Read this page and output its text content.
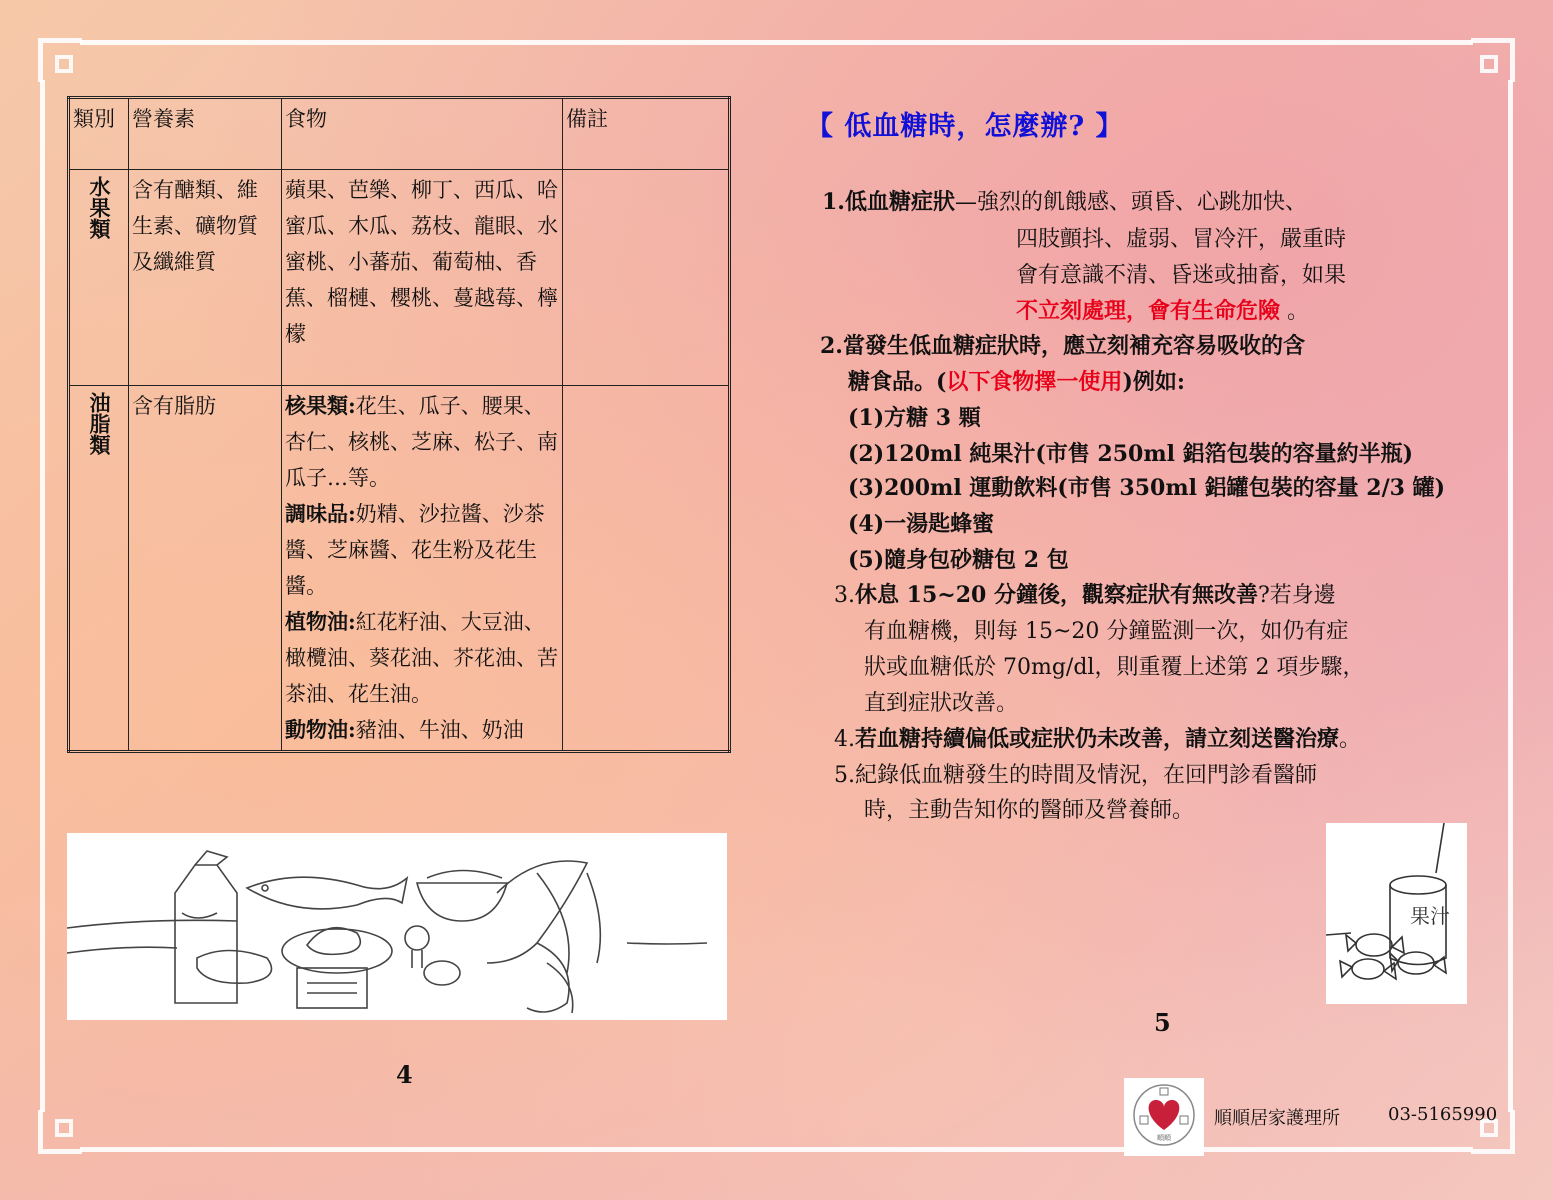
類別	營養素	食物	備註

水果類	含有醣類、維生素、礦物質及纖維質	蘋果、芭樂、柳丁、西瓜、哈蜜瓜、木瓜、荔枝、龍眼、水蜜桃、小蕃茄、葡萄柚、香蕉、榴槤、櫻桃、蔓越莓、檸檬	

油脂類	含有脂肪	核果類:花生、瓜子、腰果、杏仁、核桃、芝麻、松子、南瓜子…等。
調味品:奶精、沙拉醬、沙茶醬、芝麻醬、花生粉及花生醬。
植物油:紅花籽油、大豆油、橄欖油、葵花油、芥花油、苦茶油、花生油。
動物油:豬油、牛油、奶油	

4
【 低血糖時，怎麼辦? 】
1.低血糖症狀—強烈的飢餓感、頭昏、心跳加快、
四肢顫抖、虛弱、冒冷汗，嚴重時
會有意識不清、昏迷或抽畜，如果
不立刻處理，會有生命危險 。
2.當發生低血糖症狀時，應立刻補充容易吸收的含
糖食品。(以下食物擇一使用)例如:
(1)方糖 3 顆
(2)120ml 純果汁(市售 250ml 鋁箔包裝的容量約半瓶)
(3)200ml 運動飲料(市售 350ml 鋁罐包裝的容量 2/3 罐)
(4)一湯匙蜂蜜
(5)隨身包砂糖包 2 包
3.休息 15~20 分鐘後，觀察症狀有無改善?若身邊
有血糖機，則每 15~20 分鐘監測一次，如仍有症
狀或血糖低於 70mg/dl，則重覆上述第 2 項步驟，
直到症狀改善。
4.若血糖持續偏低或症狀仍未改善，請立刻送醫治療。
5.紀錄低血糖發生的時間及情況，在回門診看醫師
時，主動告知你的醫師及營養師。
果汁
5
順順
順順居家護理所	03-5165990
